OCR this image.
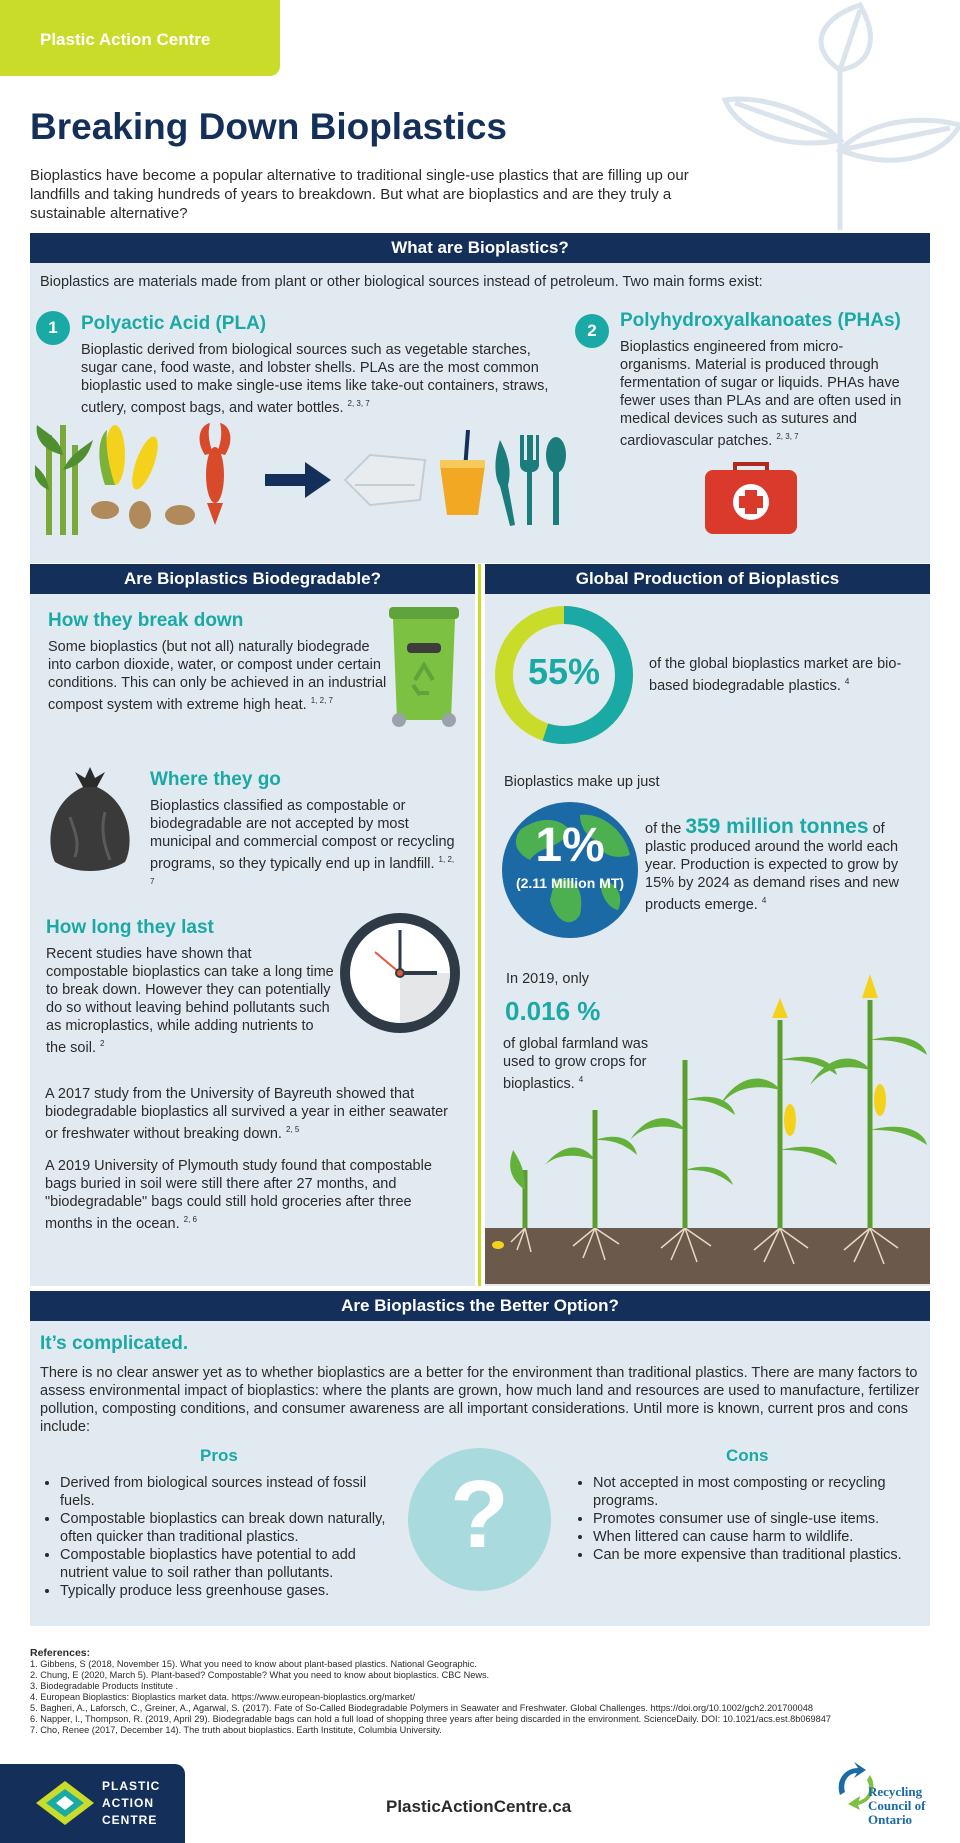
Plastic Action Centre
Breaking Down Bioplastics

Bioplastics have become a popular alternative to traditional single-use plastics that are filling up our landfills and taking hundreds of years to breakdown. But what are bioplastics and are they truly a sustainable alternative?

What are Bioplastics?

Bioplastics are materials made from plant or other biological sources instead of petroleum. Two main forms exist:

1	Polyactic Acid (PLA)

Bioplastic derived from biological sources such as vegetable starches, sugar cane, food waste, and lobster shells. PLAs are the most common bioplastic used to make single-use items like take-out containers, straws, cutlery, compost bags, and water bottles. $^{2, 3, 7}$

2	Polyhydroxyalkanoates (PHAs)

Bioplastics engineered from micro-organisms. Material is produced through fermentation of sugar or liquids. PHAs have fewer uses than PLAs and are often used in medical devices such as sutures and cardiovascular patches. $^{2, 3, 7}$

Are Bioplastics Biodegradable?	Global Production of Bioplastics
How they break down

Some bioplastics (but not all) naturally biodegrade into carbon dioxide, water, or compost under certain conditions. This can only be achieved in an industrial compost system with extreme high heat. $^{1, 2, 7}$

Where they go

Bioplastics classified as compostable or biodegradable are not accepted by most municipal and commercial compost or recycling programs, so they typically end up in landfill. $^{1, 2, 7}$

How long they last

Recent studies have shown that compostable bioplastics can take a long time to break down. However they can potentially do so without leaving behind pollutants such as microplastics, while adding nutrients to the soil. $^2$

A 2017 study from the University of Bayreuth showed that biodegradable bioplastics all survived a year in either seawater or freshwater without breaking down. $^{2, 5}$

A 2019 University of Plymouth study found that compostable bags buried in soil were still there after 27 months, and "biodegradable" bags could still hold groceries after three months in the ocean. $^{2, 6}$

55%	of the global bioplastics market are bio-based biodegradable plastics. $^4$

Bioplastics make up just
1%
(2.11 Million MT)

of the 359 million tonnes of plastic produced around the world each year. Production is expected to grow by 15% by 2024 as demand rises and new products emerge. $^4$

In 2019, only
0.016 %

of global farmland was used to grow crops for bioplastics. $^4$

Are Bioplastics the Better Option?
It’s complicated.

There is no clear answer yet as to whether bioplastics are a better for the environment than traditional plastics. There are many factors to assess environmental impact of bioplastics: where the plants are grown, how much land and resources are used to manufacture, fertilizer pollution, composting conditions, and consumer awareness are all important considerations. Until more is known, current pros and cons include:

Pros
• Derived from biological sources instead of fossil fuels.
• Compostable bioplastics can break down naturally, often quicker than traditional plastics.
• Compostable bioplastics have potential to add nutrient value to soil rather than pollutants.
• Typically produce less greenhouse gases.
?
Cons
• Not accepted in most composting or recycling programs.
• Promotes consumer use of single-use items.
• When littered can cause harm to wildlife.
• Can be more expensive than traditional plastics.
References:
1. Gibbens, S (2018, November 15). What you need to know about plant-based plastics. National Geographic.
2. Chung, E (2020, March 5). Plant-based? Compostable? What you need to know about bioplastics. CBC News.
3. Biodegradable Products Institute .
4. European Bioplastics: Bioplastics market data. https://www.european-bioplastics.org/market/
5. Bagheri, A., Laforsch, C., Greiner, A., Agarwal, S. (2017). Fate of So-Called Biodegradable Polymers in Seawater and Freshwater. Global Challenges. https://doi.org/10.1002/gch2.201700048
6. Napper, I., Thompson, R. (2019, April 29). Biodegradable bags can hold a full load of shopping three years after being discarded in the environment. ScienceDaily. DOI: 10.1021/acs.est.8b069847
7. Cho, Renee (2017, December 14). The truth about bioplastics. Earth Institute, Columbia University.
PLASTIC
ACTION
CENTRE
PlasticActionCentre.ca
Recycling
Council of
Ontario
